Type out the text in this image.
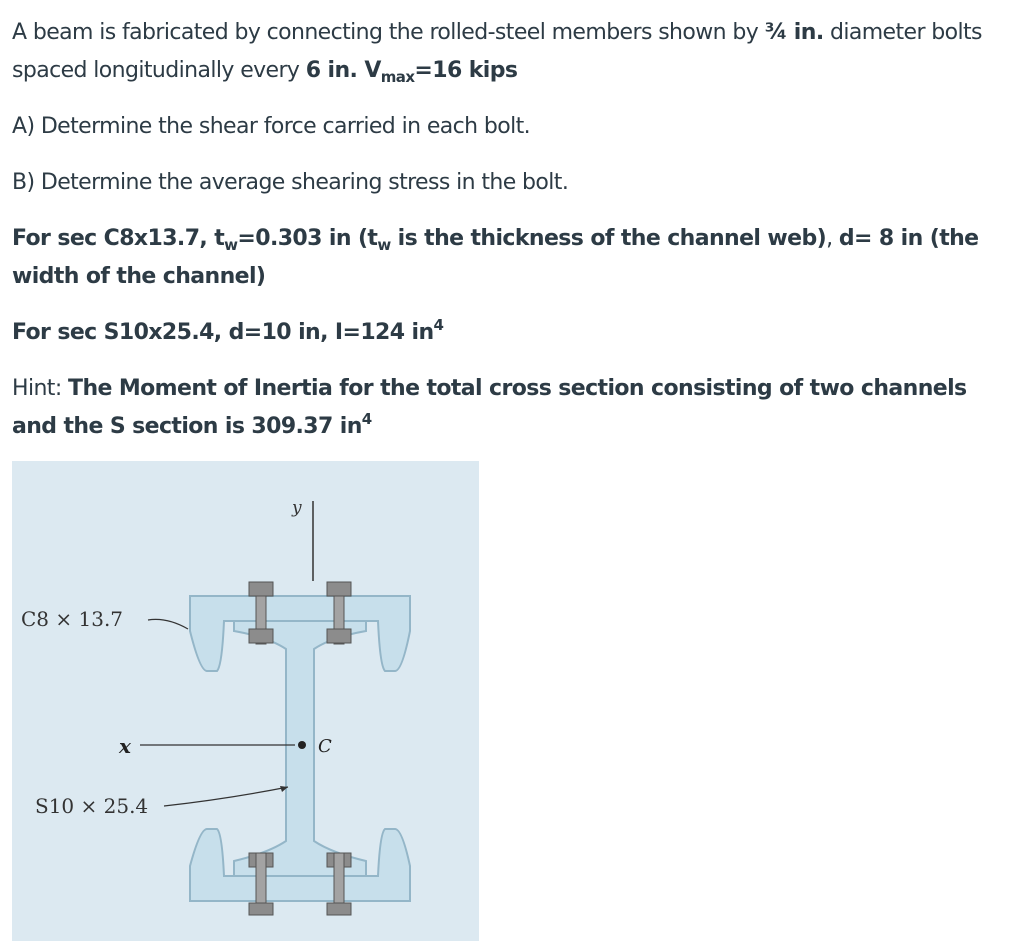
A beam is fabricated by connecting the rolled-steel members shown by ¾ in. diameter bolts spaced longitudinally every 6 in. $V_{max}=16$ kips

A) Determine the shear force carried in each bolt.

B) Determine the average shearing stress in the bolt.

For sec C8x13.7, $t_w=0.303$ in ($t_w$ is the thickness of the channel web), d= 8 in (the width of the channel)

For sec S10x25.4, d=10 in, I=124 $in^4$

Hint: The Moment of Inertia for the total cross section consisting of two channels and the S section is 309.37 $in^4$

y
x	C
C8 × 13.7
S10 × 25.4
